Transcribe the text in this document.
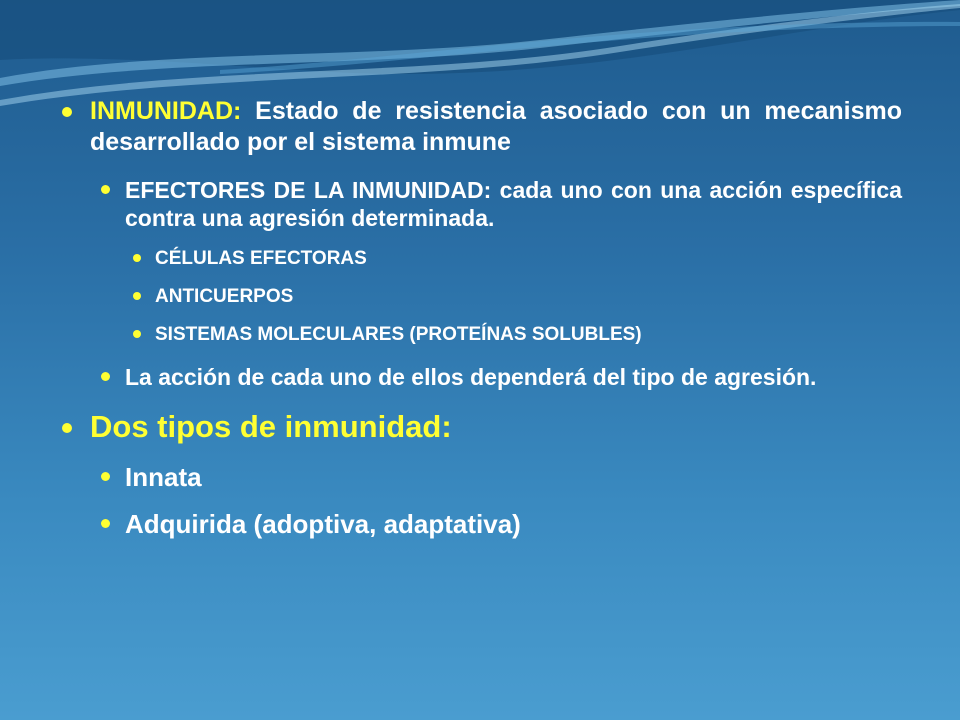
INMUNIDAD: Estado de resistencia asociado con un mecanismo desarrollado por el sistema inmune
EFECTORES DE LA INMUNIDAD: cada uno con una acción específica contra una agresión determinada.
CÉLULAS EFECTORAS
ANTICUERPOS
SISTEMAS MOLECULARES (PROTEÍNAS SOLUBLES)
La acción de cada uno de ellos dependerá del tipo de agresión.
Dos tipos de inmunidad:
Innata
Adquirida (adoptiva, adaptativa)
